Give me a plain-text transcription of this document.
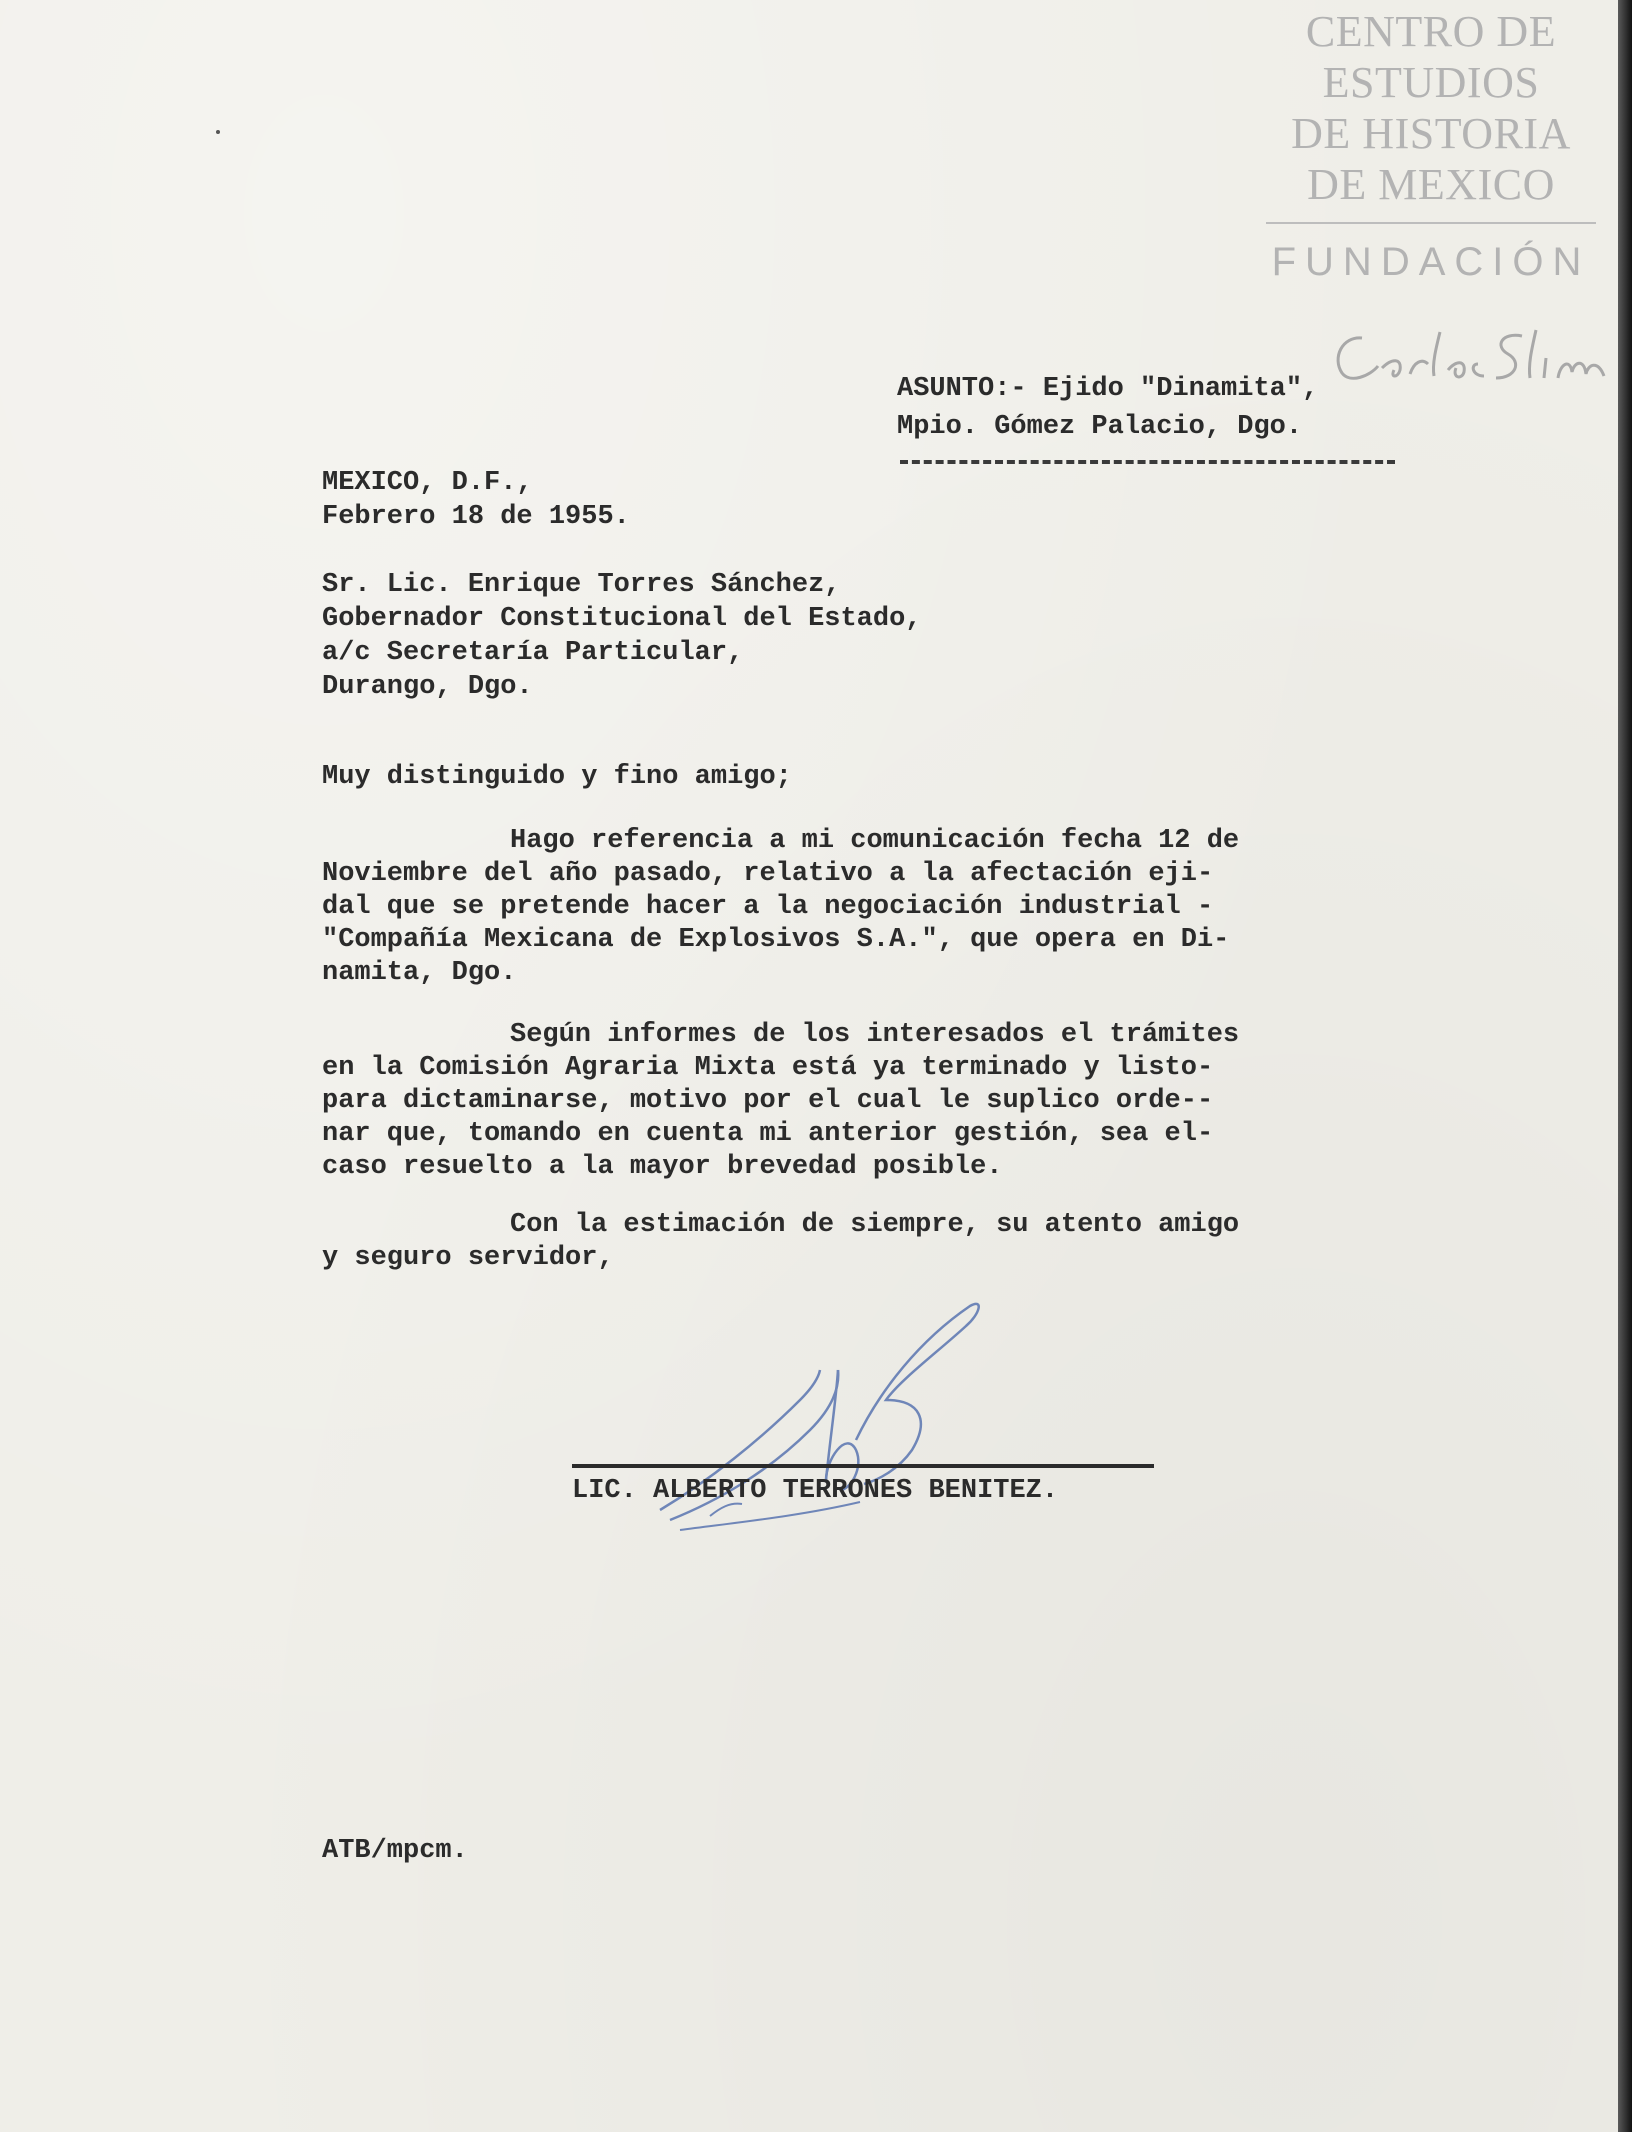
CENTRO DE
ESTUDIOS
DE HISTORIA
DE MEXICO
FUNDACIÓN
ASUNTO:- Ejido "Dinamita",
Mpio. Gómez Palacio, Dgo.
MEXICO, D.F.,
Febrero 18 de 1955.
Sr. Lic. Enrique Torres Sánchez,
Gobernador Constitucional del Estado,
a/c Secretaría Particular,
Durango, Dgo.
Muy distinguido y fino amigo;
Hago referencia a mi comunicación fecha 12 de
Noviembre del año pasado, relativo a la afectación eji-
dal que se pretende hacer a la negociación industrial -
"Compañía Mexicana de Explosivos S.A.", que opera en Di-
namita, Dgo.
Según informes de los interesados el trámites
en la Comisión Agraria Mixta está ya terminado y listo-
para dictaminarse, motivo por el cual le suplico orde--
nar que, tomando en cuenta mi anterior gestión, sea el-
caso resuelto a la mayor brevedad posible.
Con la estimación de siempre, su atento amigo
y seguro servidor,
LIC. ALBERTO TERRONES BENITEZ.
ATB/mpcm.
